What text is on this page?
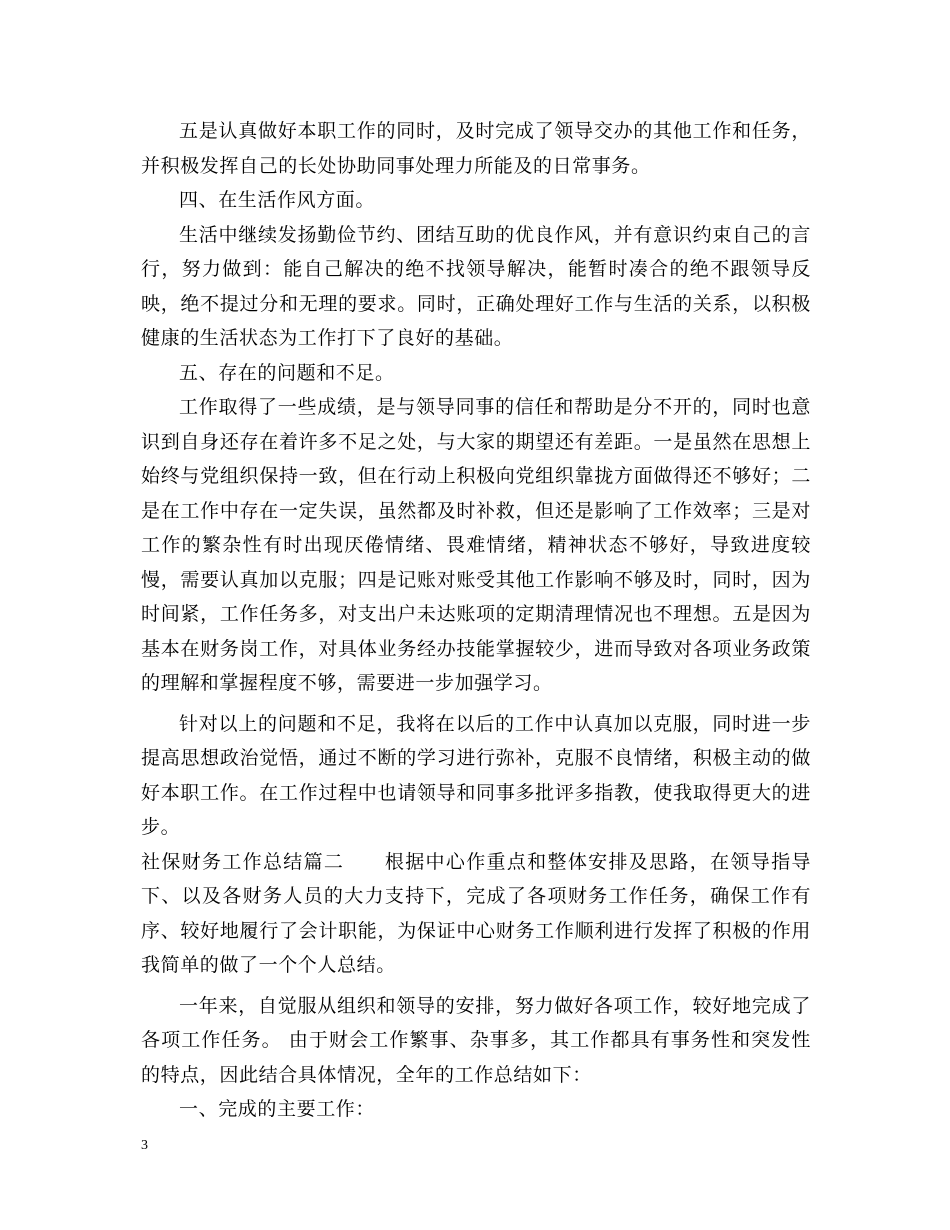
五是认真做好本职工作的同时，及时完成了领导交办的其他工作和任务，并积极发挥自己的长处协助同事处理力所能及的日常事务。

四、在生活作风方面。

生活中继续发扬勤俭节约、团结互助的优良作风，并有意识约束自己的言行，努力做到：能自己解决的绝不找领导解决，能暂时凑合的绝不跟领导反映，绝不提过分和无理的要求。同时，正确处理好工作与生活的关系，以积极健康的生活状态为工作打下了良好的基础。

五、存在的问题和不足。

工作取得了一些成绩，是与领导同事的信任和帮助是分不开的，同时也意识到自身还存在着许多不足之处，与大家的期望还有差距。一是虽然在思想上始终与党组织保持一致，但在行动上积极向党组织靠拢方面做得还不够好；二是在工作中存在一定失误，虽然都及时补救，但还是影响了工作效率；三是对工作的繁杂性有时出现厌倦情绪、畏难情绪，精神状态不够好，导致进度较慢，需要认真加以克服；四是记账对账受其他工作影响不够及时，同时，因为时间紧，工作任务多，对支出户未达账项的定期清理情况也不理想。五是因为基本在财务岗工作，对具体业务经办技能掌握较少，进而导致对各项业务政策的理解和掌握程度不够，需要进一步加强学习。

针对以上的问题和不足，我将在以后的工作中认真加以克服，同时进一步提高思想政治觉悟，通过不断的学习进行弥补，克服不良情绪，积极主动的做好本职工作。在工作过程中也请领导和同事多批评多指教，使我取得更大的进步。

社保财务工作总结篇二　　根据中心作重点和整体安排及思路，在领导指导下、以及各财务人员的大力支持下，完成了各项财务工作任务，确保工作有序、较好地履行了会计职能，为保证中心财务工作顺利进行发挥了积极的作用我简单的做了一个个人总结。

一年来，自觉服从组织和领导的安排，努力做好各项工作，较好地完成了各项工作任务。 由于财会工作繁事、杂事多，其工作都具有事务性和突发性的特点，因此结合具体情况，全年的工作总结如下：

一、完成的主要工作：

3
